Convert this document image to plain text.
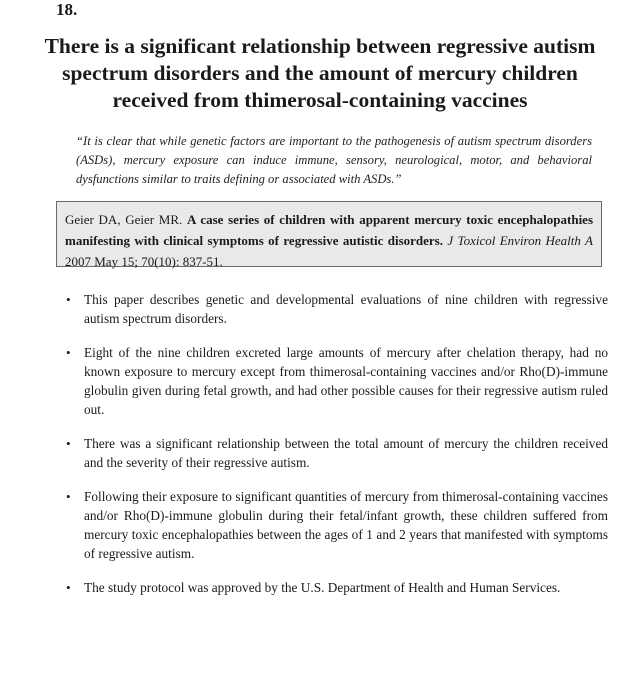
18.
There is a significant relationship between regressive autism spectrum disorders and the amount of mercury children received from thimerosal-containing vaccines

“It is clear that while genetic factors are important to the pathogenesis of autism spectrum disorders (ASDs), mercury exposure can induce immune, sensory, neurological, motor, and behavioral dysfunctions similar to traits defining or associated with ASDs.”

Geier DA, Geier MR. A case series of children with apparent mercury toxic encephalopathies manifesting with clinical symptoms of regressive autistic disorders. J Toxicol Environ Health A 2007 May 15; 70(10): 837-51.
• This paper describes genetic and developmental evaluations of nine children with regressive autism spectrum disorders.
• Eight of the nine children excreted large amounts of mercury after chelation therapy, had no known exposure to mercury except from thimerosal-containing vaccines and/or Rho(D)-immune globulin given during fetal growth, and had other possible causes for their regressive autism ruled out.
• There was a significant relationship between the total amount of mercury the children received and the severity of their regressive autism.
• Following their exposure to significant quantities of mercury from thimerosal-containing vaccines and/or Rho(D)-immune globulin during their fetal/infant growth, these children suffered from mercury toxic encephalopathies between the ages of 1 and 2 years that manifested with symptoms of regressive autism.
• The study protocol was approved by the U.S. Department of Health and Human Services.
